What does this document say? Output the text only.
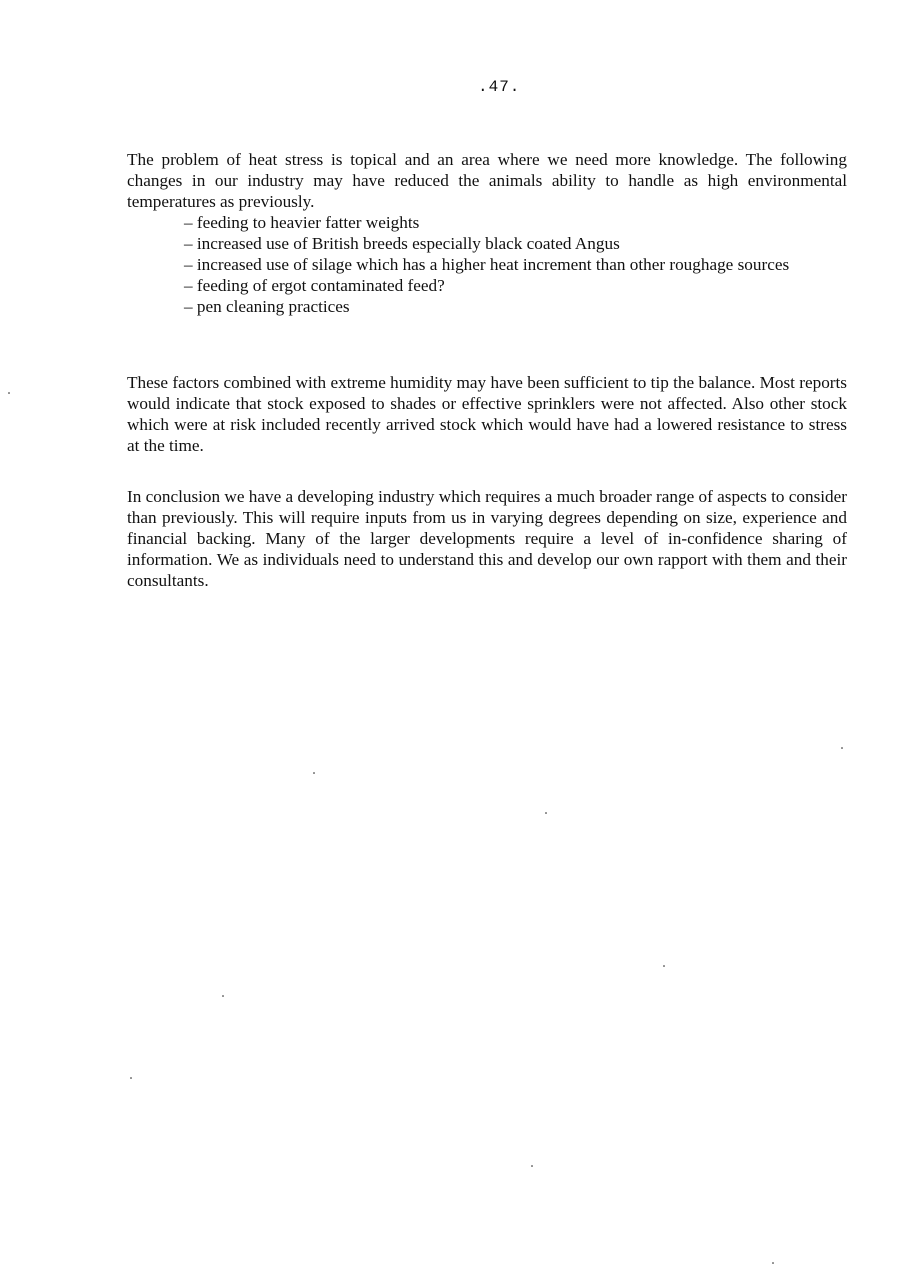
.47.

The problem of heat stress is topical and an area where we need more knowledge. The following changes in our industry may have reduced the animals ability to handle as high environmental temperatures as previously.

– feeding to heavier fatter weights
– increased use of British breeds especially black coated Angus
– increased use of silage which has a higher heat increment than other roughage sources
– feeding of ergot contaminated feed?
– pen cleaning practices

These factors combined with extreme humidity may have been sufficient to tip the balance. Most reports would indicate that stock exposed to shades or effective sprinklers were not affected. Also other stock which were at risk included recently arrived stock which would have had a lowered resistance to stress at the time.

In conclusion we have a developing industry which requires a much broader range of aspects to consider than previously. This will require inputs from us in varying degrees depending on size, experience and financial backing. Many of the larger developments require a level of in-confidence sharing of information. We as individuals need to understand this and develop our own rapport with them and their consultants.
